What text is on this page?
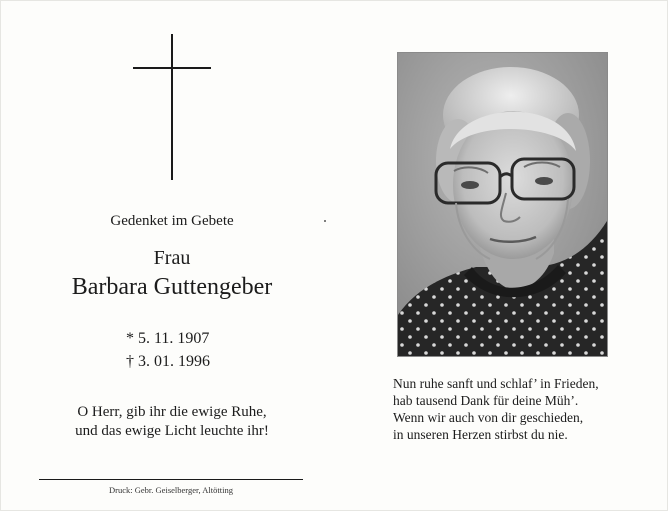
Gedenket im Gebete
Frau
Barbara Guttengeber
* 5. 11. 1907
† 3. 01. 1996
O Herr, gib ihr die ewige Ruhe,
und das ewige Licht leuchte ihr!
Druck: Gebr. Geiselberger, Altötting
Nun ruhe sanft und schlaf’ in Frieden,
hab tausend Dank für deine Müh’.
Wenn wir auch von dir geschieden,
in unseren Herzen stirbst du nie.
